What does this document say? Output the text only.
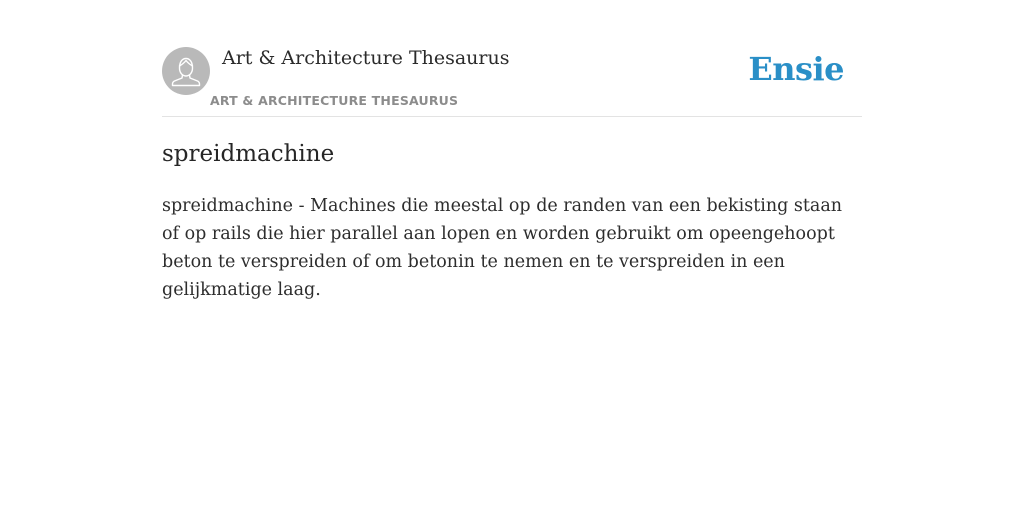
Art & Architecture Thesaurus
ART & ARCHITECTURE THESAURUS
Ensie
spreidmachine

spreidmachine - Machines die meestal op de randen van een bekisting staan of op rails die hier parallel aan lopen en worden gebruikt om opeengehoopt beton te verspreiden of om betonin te nemen en te verspreiden in een gelijkmatige laag.
